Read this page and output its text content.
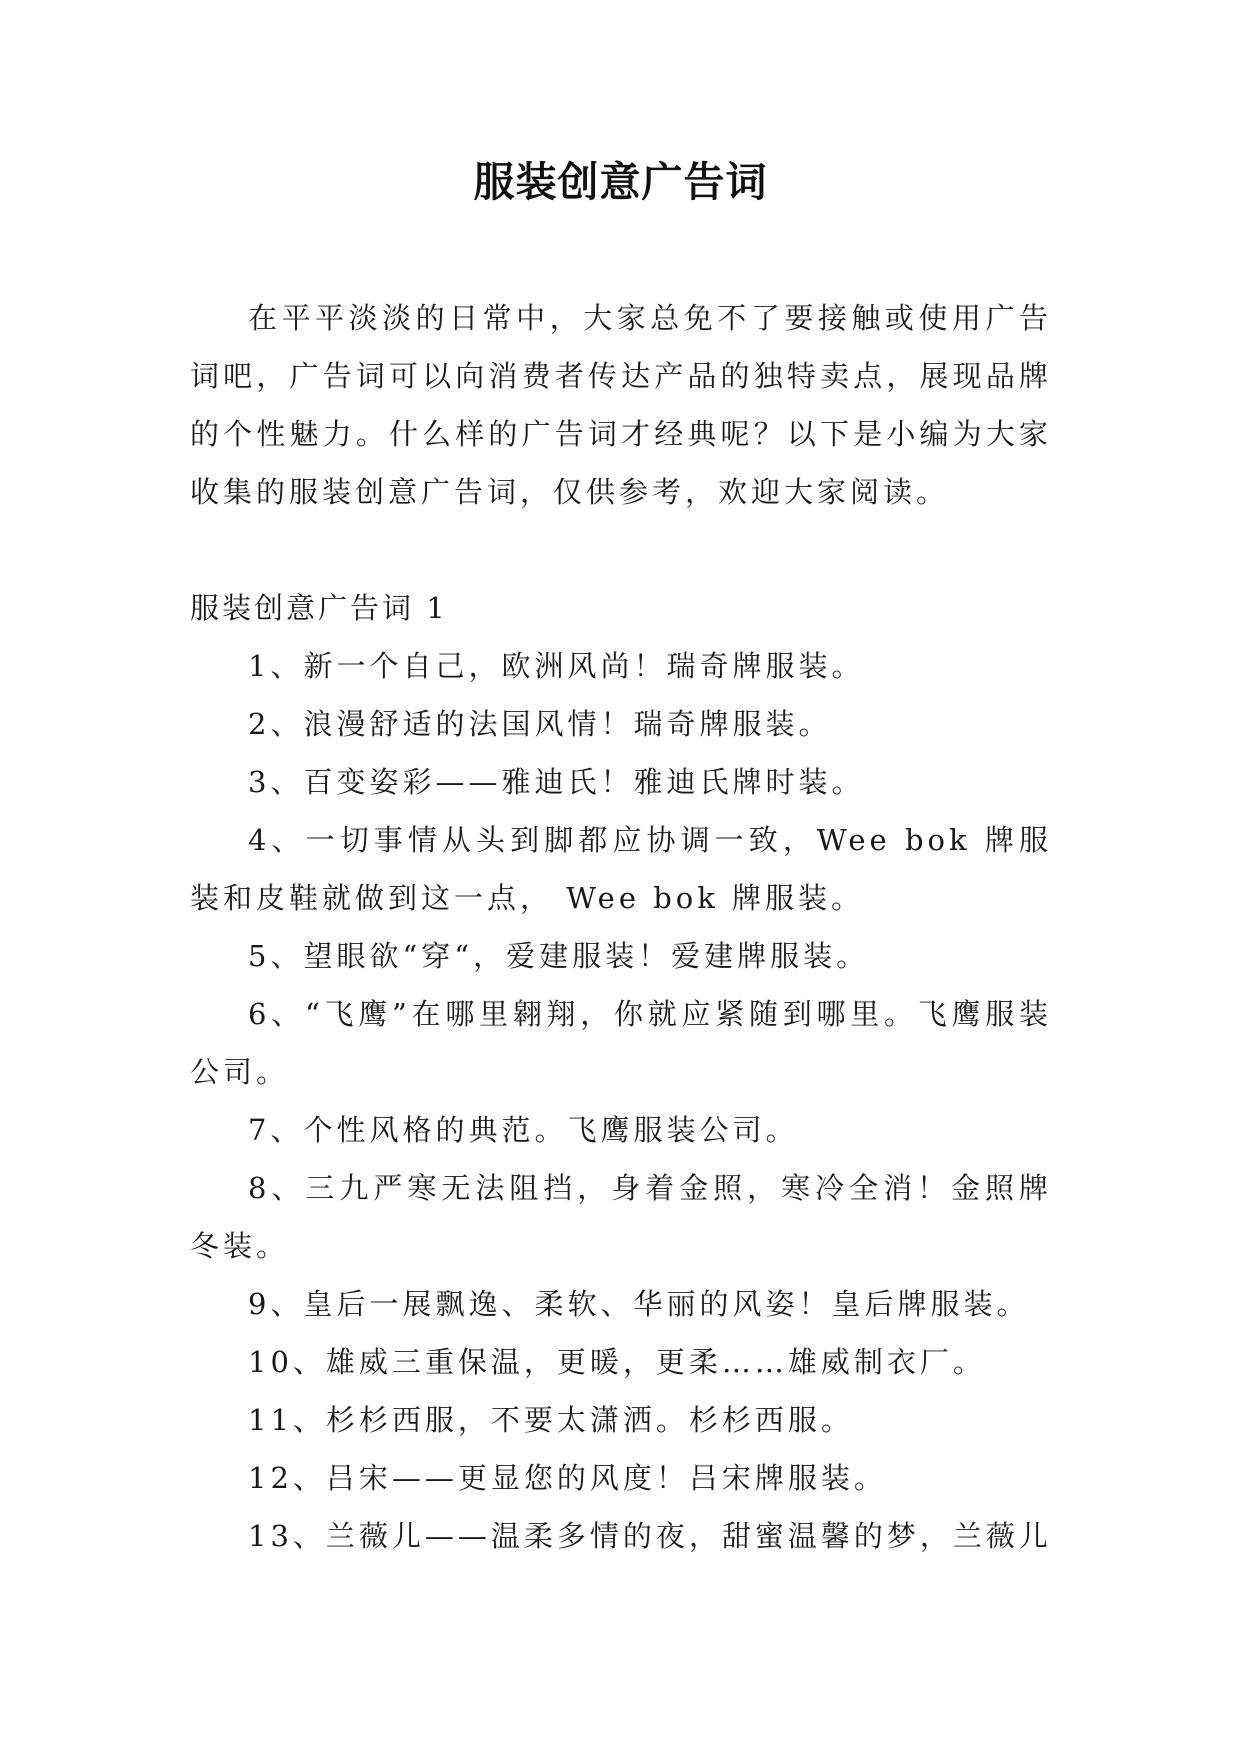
服装创意广告词

在平平淡淡的日常中，大家总免不了要接触或使用广告词吧，广告词可以向消费者传达产品的独特卖点，展现品牌的个性魅力。什么样的广告词才经典呢？以下是小编为大家收集的服装创意广告词，仅供参考，欢迎大家阅读。

服装创意广告词 1

1、新一个自己，欧洲风尚！瑞奇牌服装。

2、浪漫舒适的法国风情！瑞奇牌服装。

3、百变姿彩——雅迪氏！雅迪氏牌时装。

4、一切事情从头到脚都应协调一致，Wee bok 牌服装和皮鞋就做到这一点， Wee bok 牌服装。

5、望眼欲“穿“，爱建服装！爱建牌服装。

6、“飞鹰”在哪里翱翔，你就应紧随到哪里。飞鹰服装公司。

7、个性风格的典范。飞鹰服装公司。

8、三九严寒无法阻挡，身着金照，寒冷全消！金照牌冬装。

9、皇后一展飘逸、柔软、华丽的风姿！皇后牌服装。

10、雄威三重保温，更暖，更柔……雄威制衣厂。

11、杉杉西服，不要太潇洒。杉杉西服。

12、吕宋——更显您的风度！吕宋牌服装。

13、兰薇儿——温柔多情的夜，甜蜜温馨的梦，兰薇儿
